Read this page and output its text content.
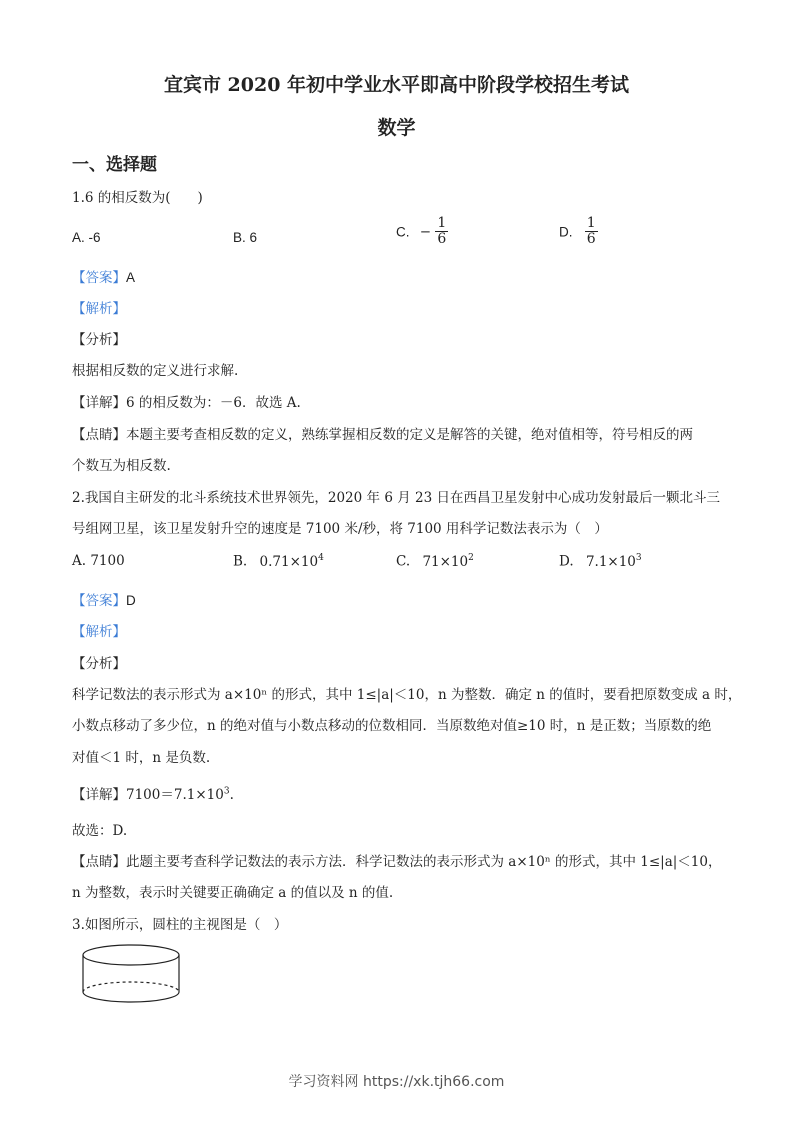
宜宾市 2020 年初中学业水平即高中阶段学校招生考试
数学
一、选择题
1.6 的相反数为(　　)
A. -6	B. 6	C. − $\frac{1}{6}$	D. $\frac{1}{6}$
【答案】A
【解析】
【分析】
根据相反数的定义进行求解.
【详解】6 的相反数为：－6．故选 A.
【点睛】本题主要考查相反数的定义，熟练掌握相反数的定义是解答的关键，绝对值相等，符号相反的两
个数互为相反数.
2.我国自主研发的北斗系统技术世界领先，2020 年 6 月 23 日在西昌卫星发射中心成功发射最后一颗北斗三
号组网卫星，该卫星发射升空的速度是 7100 米/秒，将 7100 用科学记数法表示为（　）
A. 7100	B. $0.71\times 10^4$	C. $71\times 10^2$	D. $7.1\times 10^3$
【答案】D
【解析】
【分析】
科学记数法的表示形式为 a×10ⁿ 的形式，其中 1≤|a|＜10，n 为整数．确定 n 的值时，要看把原数变成 a 时，
小数点移动了多少位，n 的绝对值与小数点移动的位数相同．当原数绝对值≥10 时，n 是正数；当原数的绝
对值＜1 时，n 是负数.
【详解】$7100=7.1\times 10^3$.
故选：D.
【点睛】此题主要考查科学记数法的表示方法．科学记数法的表示形式为 a×10ⁿ 的形式，其中 1≤|a|＜10，
n 为整数，表示时关键要正确确定 a 的值以及 n 的值.
3.如图所示，圆柱的主视图是（　）
学习资料网 https://xk.tjh66.com
